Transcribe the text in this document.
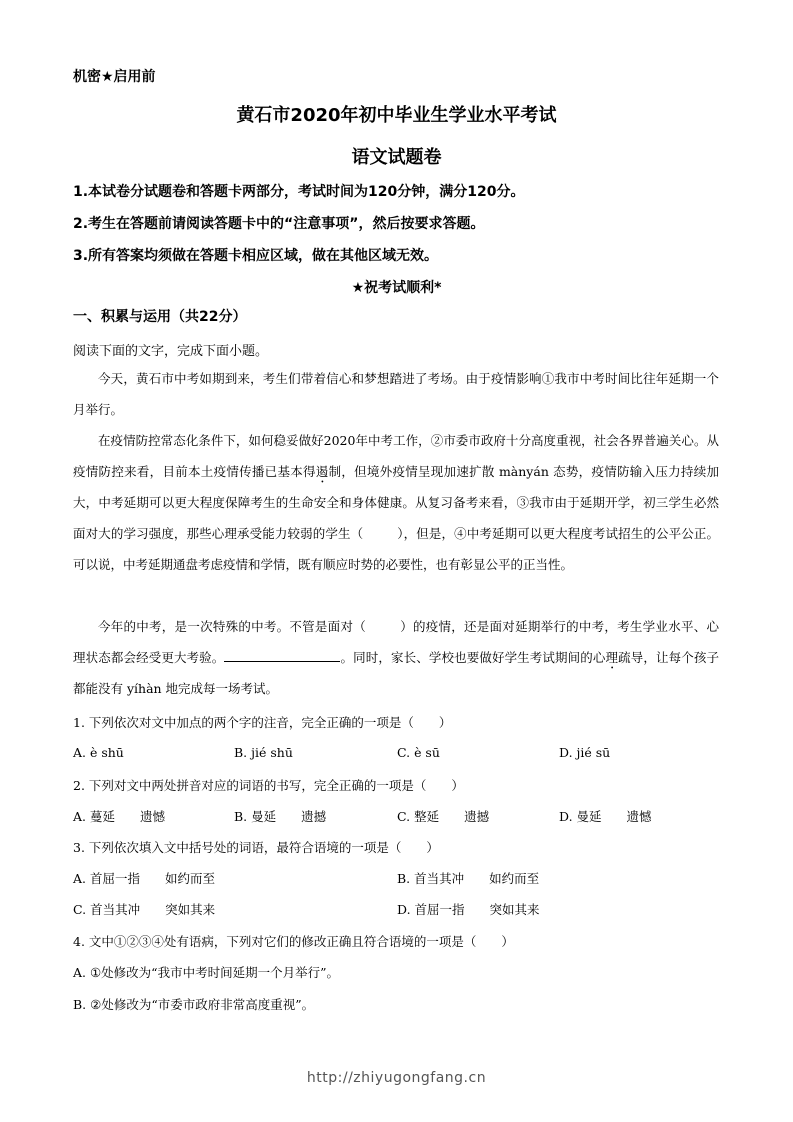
机密★启用前
黄石市2020年初中毕业生学业水平考试
语文试题卷
1.本试卷分试题卷和答题卡两部分，考试时间为120分钟，满分120分。
2.考生在答题前请阅读答题卡中的“注意事项”，然后按要求答题。
3.所有答案均须做在答题卡相应区域，做在其他区域无效。
★祝考试顺利*
一、积累与运用（共22分）
阅读下面的文字，完成下面小题。
今天，黄石市中考如期到来，考生们带着信心和梦想踏进了考场。由于疫情影响①我市中考时间比往年延期一个月举行。
在疫情防控常态化条件下，如何稳妥做好2020年中考工作，②市委市政府十分高度重视，社会各界普遍关心。从疫情防控来看，目前本土疫情传播已基本得遏制，但境外疫情呈现加速扩散 mànyán 态势，疫情防输入压力持续加大，中考延期可以更大程度保障考生的生命安全和身体健康。从复习备考来看，③我市由于延期开学，初三学生必然面对大的学习强度，那些心理承受能力较弱的学生（	），但是，④中考延期可以更大程度考试招生的公平公正。可以说，中考延期通盘考虑疫情和学情，既有顺应时势的必要性，也有彰显公平的正当性。
今年的中考，是一次特殊的中考。不管是面对（	）的疫情，还是面对延期举行的中考，考生学业水平、心理状态都会经受更大考验。	。同时，家长、学校也要做好学生考试期间的心理疏导，让每个孩子都能没有 yíhàn 地完成每一场考试。
1. 下列依次对文中加点的两个字的注音，完全正确的一项是（　　）
A. è shū	B. jié shū	C. è sū	D. jié sū
2. 下列对文中两处拼音对应的词语的书写，完全正确的一项是（　　）
A. 蔓延　　遗憾	B. 曼延　　遗撼	C. 整延　　遗撼	D. 曼延　　遗憾
3. 下列依次填入文中括号处的词语，最符合语境的一项是（　　）
A. 首屈一指　　如约而至	B. 首当其冲　　如约而至
C. 首当其冲　　突如其来	D. 首屈一指　　突如其来
4. 文中①②③④处有语病，下列对它们的修改正确且符合语境的一项是（　　）
A. ①处修改为“我市中考时间延期一个月举行”。
B. ②处修改为“市委市政府非常高度重视”。
http://zhiyugongfang.cn
